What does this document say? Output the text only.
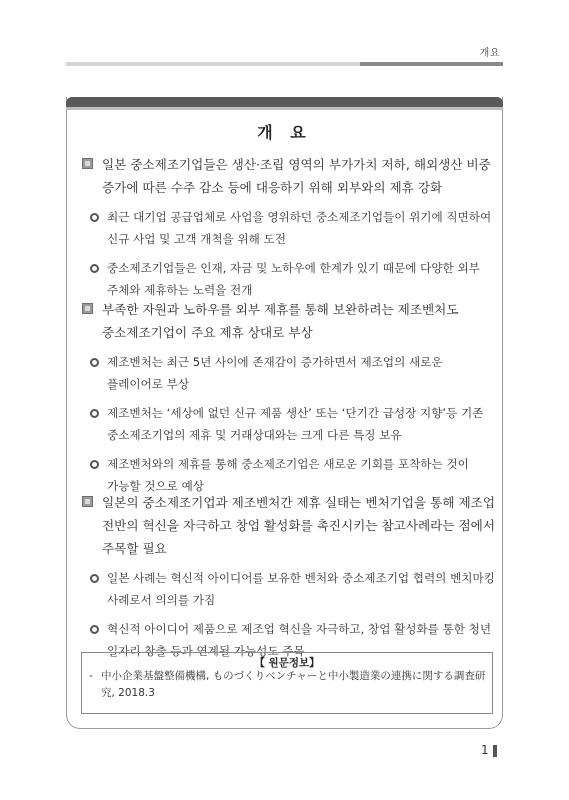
개요
개 요
일본 중소제조기업들은 생산·조립 영역의 부가가치 저하, 해외생산 비중 증가에 따른 수주 감소 등에 대응하기 위해 외부와의 제휴 강화
최근 대기업 공급업체로 사업을 영위하던 중소제조기업들이 위기에 직면하여 신규 사업 및 고객 개척을 위해 도전
중소제조기업들은 인재, 자금 및 노하우에 한계가 있기 때문에 다양한 외부 주체와 제휴하는 노력을 전개
부족한 자원과 노하우를 외부 제휴를 통해 보완하려는 제조벤처도 중소제조기업이 주요 제휴 상대로 부상
제조벤처는 최근 5년 사이에 존재감이 증가하면서 제조업의 새로운 플레이어로 부상
제조벤처는 ‘세상에 없던 신규 제품 생산’ 또는 ‘단기간 급성장 지향’등 기존 중소제조기업의 제휴 및 거래상대와는 크게 다른 특징 보유
제조벤처와의 제휴를 통해 중소제조기업은 새로운 기회를 포착하는 것이 가능할 것으로 예상
일본의 중소제조기업과 제조벤처간 제휴 실태는 벤처기업을 통해 제조업 전반의 혁신을 자극하고 창업 활성화를 촉진시키는 참고사례라는 점에서 주목할 필요
일본 사례는 혁신적 아이디어를 보유한 벤처와 중소제조기업 협력의 벤치마킹 사례로서 의의를 가짐
혁신적 아이디어 제품으로 제조업 혁신을 자극하고, 창업 활성화를 통한 청년 일자리 창출 등과 연계될 가능성도 주목
【 원문정보】
- 中小企業基盤整備機構, ものづくりベンチャーと中小製造業の連携に関する調査研究, 2018.3
1
